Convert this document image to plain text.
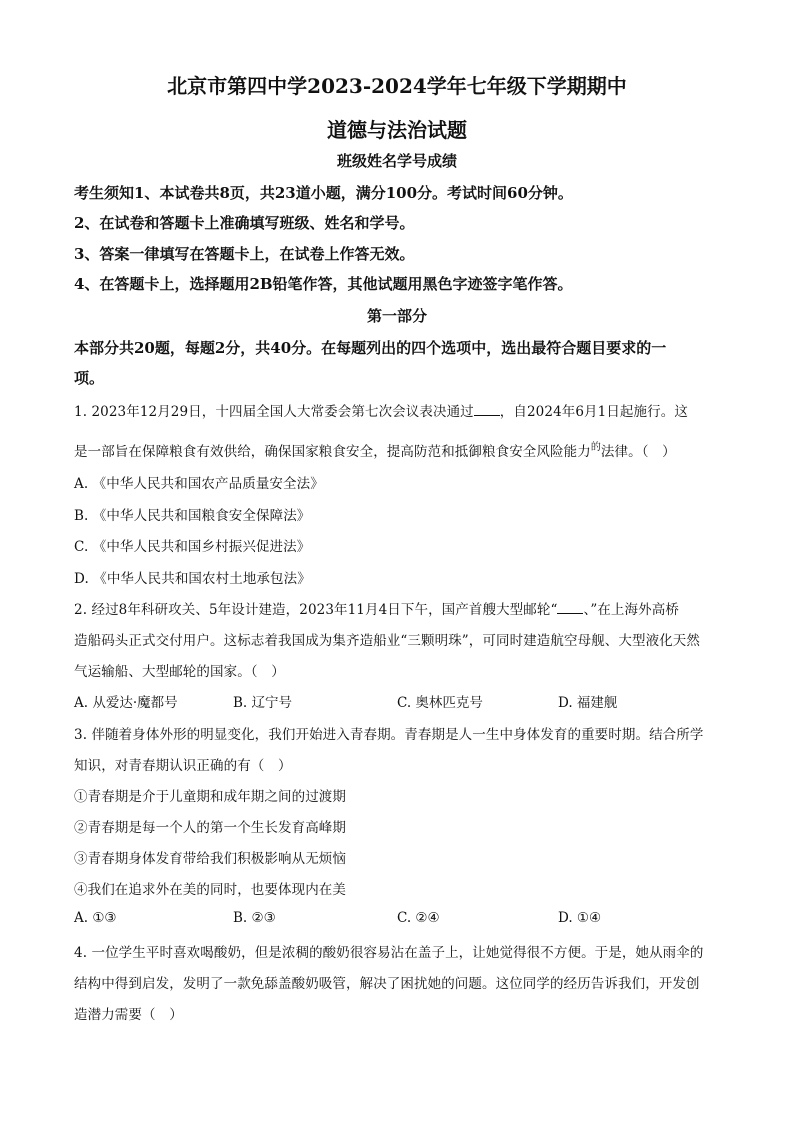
北京市第四中学2023-2024学年七年级下学期期中
道德与法治试题
班级姓名学号成绩
考生须知1、本试卷共8页，共23道小题，满分100分。考试时间60分钟。
2、在试卷和答题卡上准确填写班级、姓名和学号。
3、答案一律填写在答题卡上，在试卷上作答无效。
4、在答题卡上，选择题用2B铅笔作答，其他试题用黑色字迹签字笔作答。
第一部分
本部分共20题，每题2分，共40分。在每题列出的四个选项中，选出最符合题目要求的一
项。
1. 2023年12月29日，十四届全国人大常委会第七次会议表决通过 ，自2024年6月1日起施行。这
是一部旨在保障粮食有效供给，确保国家粮食安全，提高防范和抵御粮食安全风险能力$^的$法律。（　）
A. 《中华人民共和国农产品质量安全法》
B. 《中华人民共和国粮食安全保障法》
C. 《中华人民共和国乡村振兴促进法》
D. 《中华人民共和国农村土地承包法》
2. 经过8年科研攻关、5年设计建造，2023年11月4日下午，国产首艘大型邮轮“ 、”在上海外高桥
造船码头正式交付用户。这标志着我国成为集齐造船业“三颗明珠”，可同时建造航空母舰、大型液化天然
气运输船、大型邮轮的国家。（　）
A. 从爱达·魔都号	B. 辽宁号	C. 奥林匹克号	D. 福建舰
3. 伴随着身体外形的明显变化，我们开始进入青春期。青春期是人一生中身体发育的重要时期。结合所学
知识，对青春期认识正确的有（　）
①青春期是介于儿童期和成年期之间的过渡期
②青春期是每一个人的第一个生长发育高峰期
③青春期身体发育带给我们积极影响从无烦恼
④我们在追求外在美的同时，也要体现内在美
A. ①③	B. ②③	C. ②④	D. ①④
4. 一位学生平时喜欢喝酸奶，但是浓稠的酸奶很容易沾在盖子上，让她觉得很不方便。于是，她从雨伞的
结构中得到启发，发明了一款免舔盖酸奶吸管，解决了困扰她的问题。这位同学的经历告诉我们，开发创
造潜力需要（　）
